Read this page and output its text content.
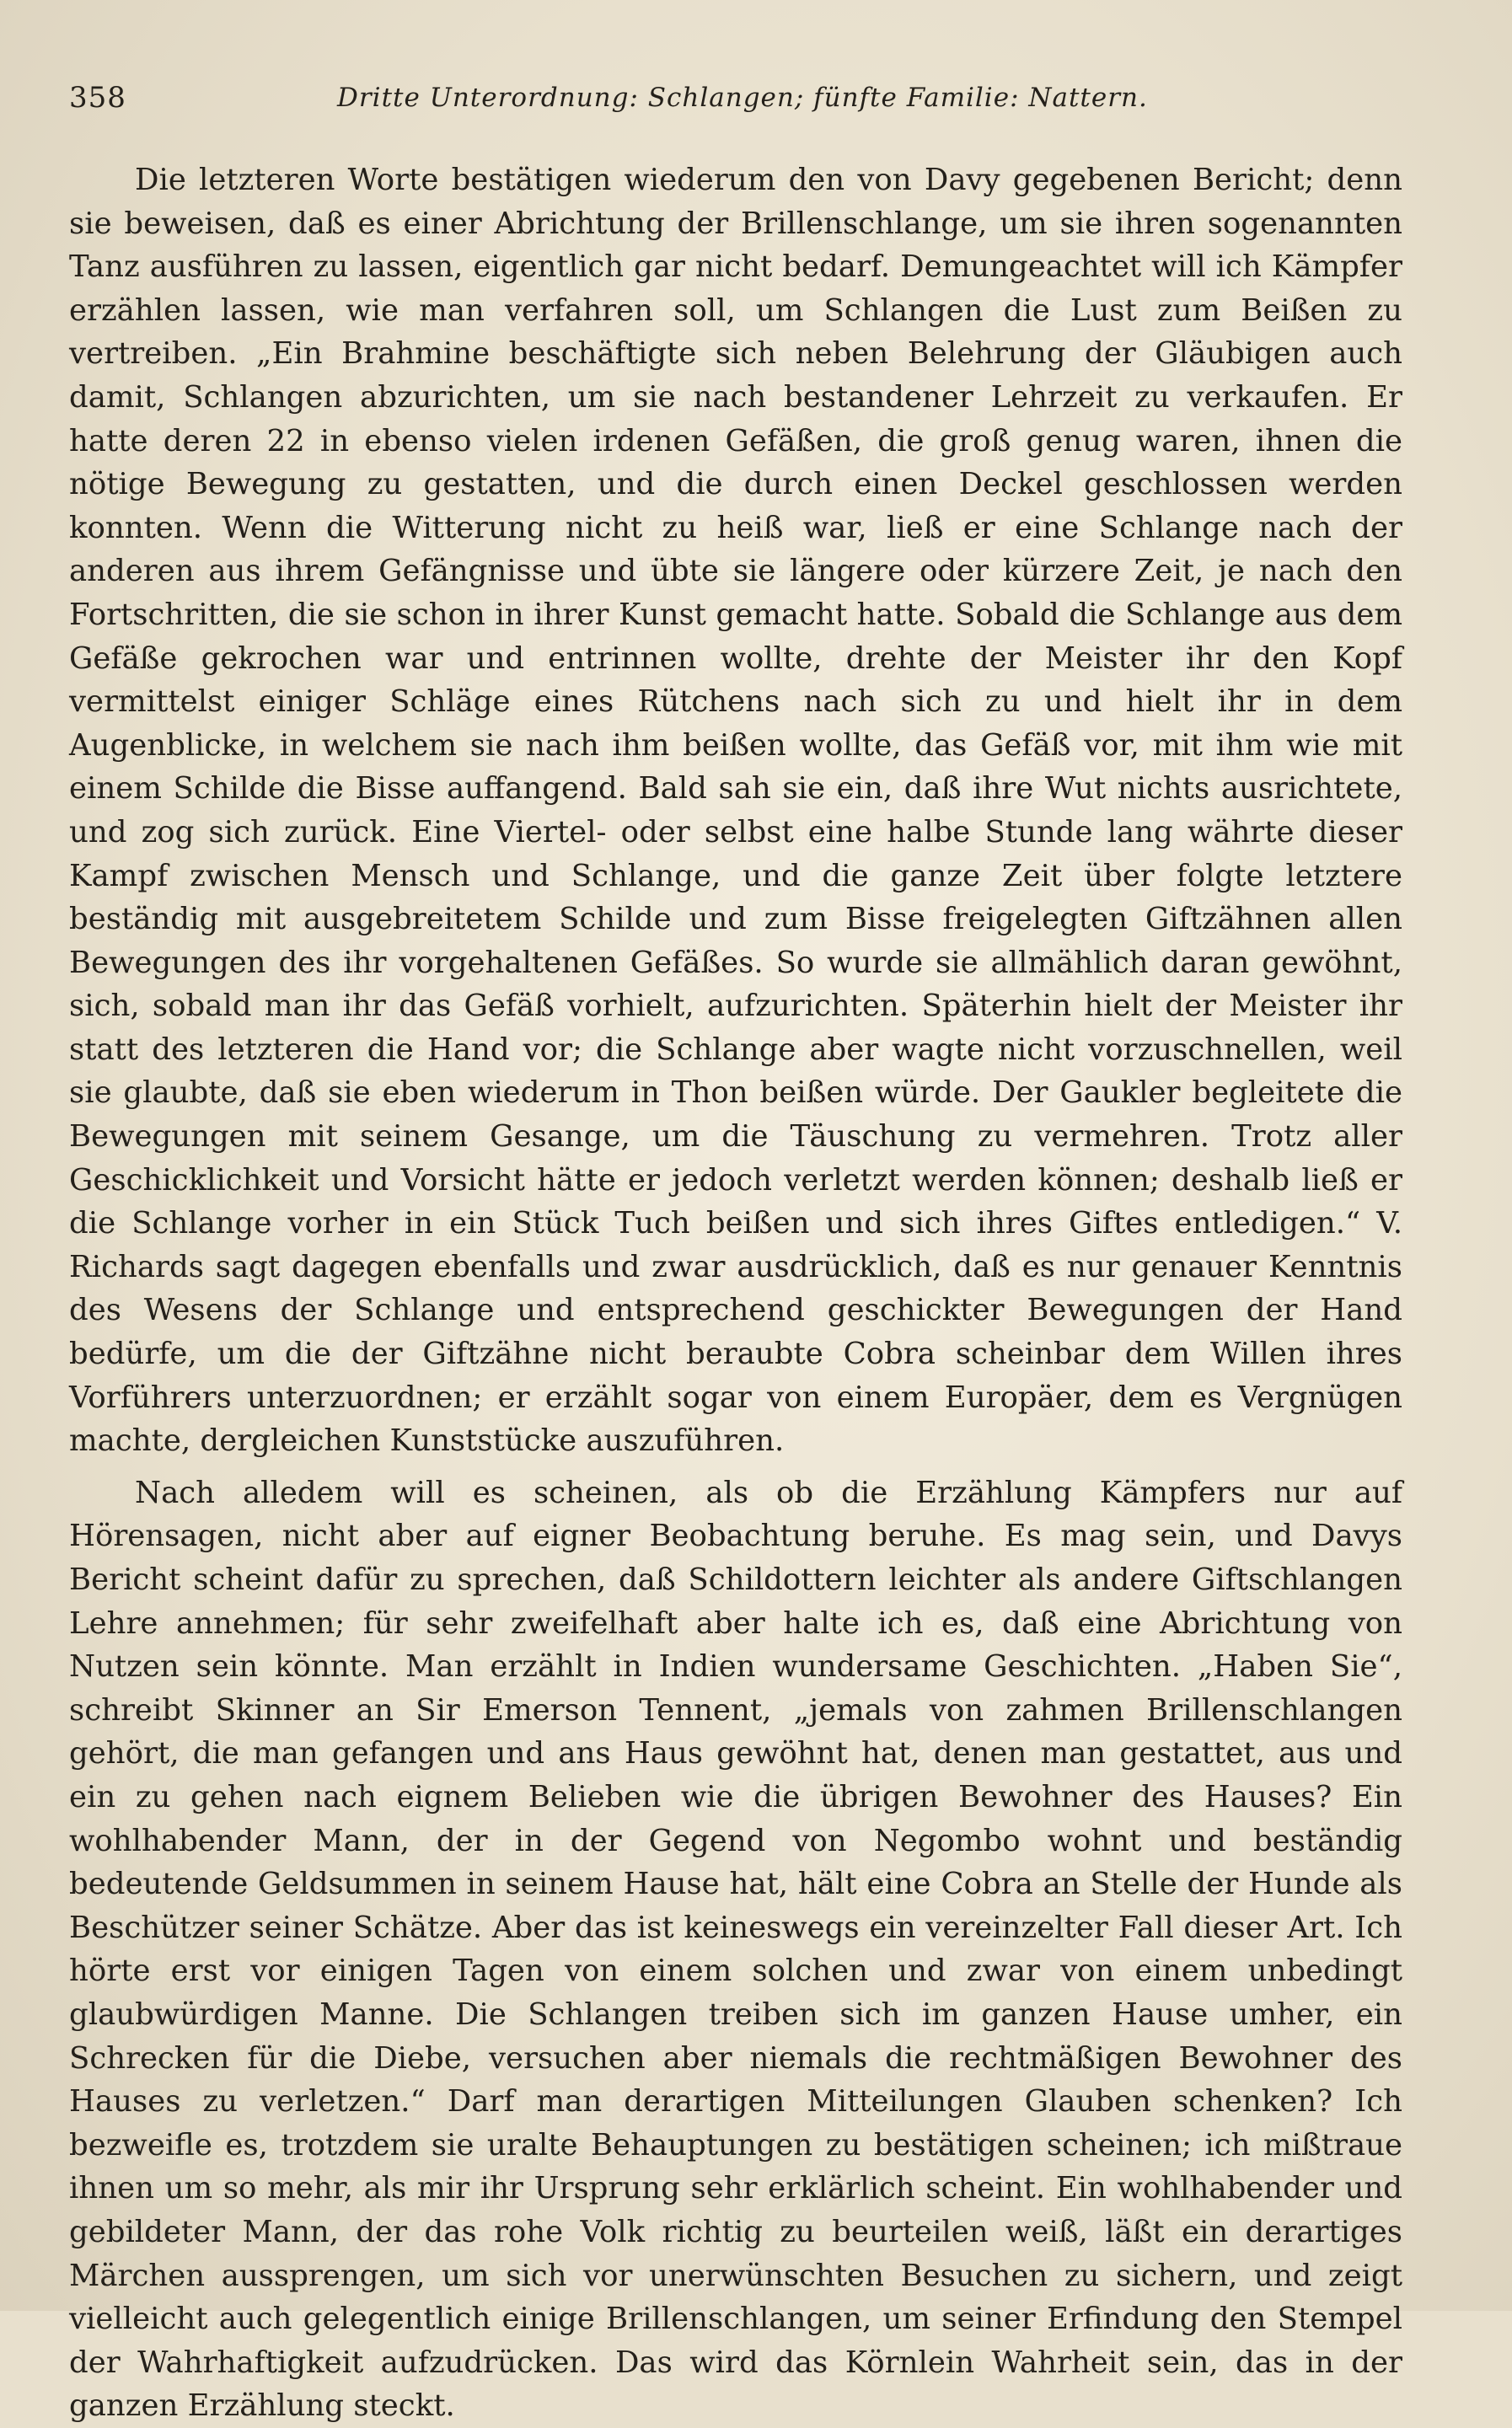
358	Dritte Unterordnung: Schlangen; fünfte Familie: Nattern.

Die letzteren Worte bestätigen wiederum den von Davy gegebenen Bericht; denn sie beweisen, daß es einer Abrichtung der Brillenschlange, um sie ihren sogenannten Tanz ausführen zu lassen, eigentlich gar nicht bedarf. Demungeachtet will ich Kämpfer erzählen lassen, wie man verfahren soll, um Schlangen die Lust zum Beißen zu vertreiben. „Ein Brahmine beschäftigte sich neben Belehrung der Gläubigen auch damit, Schlangen abzurichten, um sie nach bestandener Lehrzeit zu verkaufen. Er hatte deren 22 in ebenso vielen irdenen Gefäßen, die groß genug waren, ihnen die nötige Bewegung zu gestatten, und die durch einen Deckel geschlossen werden konnten. Wenn die Witterung nicht zu heiß war, ließ er eine Schlange nach der anderen aus ihrem Gefängnisse und übte sie längere oder kürzere Zeit, je nach den Fortschritten, die sie schon in ihrer Kunst gemacht hatte. Sobald die Schlange aus dem Gefäße gekrochen war und entrinnen wollte, drehte der Meister ihr den Kopf vermittelst einiger Schläge eines Rütchens nach sich zu und hielt ihr in dem Augenblicke, in welchem sie nach ihm beißen wollte, das Gefäß vor, mit ihm wie mit einem Schilde die Bisse auffangend. Bald sah sie ein, daß ihre Wut nichts ausrichtete, und zog sich zurück. Eine Viertel- oder selbst eine halbe Stunde lang währte dieser Kampf zwischen Mensch und Schlange, und die ganze Zeit über folgte letztere beständig mit ausgebreitetem Schilde und zum Bisse freigelegten Giftzähnen allen Bewegungen des ihr vorgehaltenen Gefäßes. So wurde sie allmählich daran gewöhnt, sich, sobald man ihr das Gefäß vorhielt, aufzurichten. Späterhin hielt der Meister ihr statt des letzteren die Hand vor; die Schlange aber wagte nicht vorzuschnellen, weil sie glaubte, daß sie eben wiederum in Thon beißen würde. Der Gaukler begleitete die Bewegungen mit seinem Gesange, um die Täuschung zu vermehren. Trotz aller Geschicklichkeit und Vorsicht hätte er jedoch verletzt werden können; deshalb ließ er die Schlange vorher in ein Stück Tuch beißen und sich ihres Giftes entledigen.“ V. Richards sagt dagegen ebenfalls und zwar ausdrücklich, daß es nur genauer Kenntnis des Wesens der Schlange und entsprechend geschickter Bewegungen der Hand bedürfe, um die der Giftzähne nicht beraubte Cobra scheinbar dem Willen ihres Vorführers unterzuordnen; er erzählt sogar von einem Europäer, dem es Vergnügen machte, dergleichen Kunststücke auszuführen.

Nach alledem will es scheinen, als ob die Erzählung Kämpfers nur auf Hörensagen, nicht aber auf eigner Beobachtung beruhe. Es mag sein, und Davys Bericht scheint dafür zu sprechen, daß Schildottern leichter als andere Giftschlangen Lehre annehmen; für sehr zweifelhaft aber halte ich es, daß eine Abrichtung von Nutzen sein könnte. Man erzählt in Indien wundersame Geschichten. „Haben Sie“, schreibt Skinner an Sir Emerson Tennent, „jemals von zahmen Brillenschlangen gehört, die man gefangen und ans Haus gewöhnt hat, denen man gestattet, aus und ein zu gehen nach eignem Belieben wie die übrigen Bewohner des Hauses? Ein wohlhabender Mann, der in der Gegend von Negombo wohnt und beständig bedeutende Geldsummen in seinem Hause hat, hält eine Cobra an Stelle der Hunde als Beschützer seiner Schätze. Aber das ist keineswegs ein vereinzelter Fall dieser Art. Ich hörte erst vor einigen Tagen von einem solchen und zwar von einem unbedingt glaubwürdigen Manne. Die Schlangen treiben sich im ganzen Hause umher, ein Schrecken für die Diebe, versuchen aber niemals die rechtmäßigen Bewohner des Hauses zu verletzen.“ Darf man derartigen Mitteilungen Glauben schenken? Ich bezweifle es, trotzdem sie uralte Behauptungen zu bestätigen scheinen; ich mißtraue ihnen um so mehr, als mir ihr Ursprung sehr erklärlich scheint. Ein wohlhabender und gebildeter Mann, der das rohe Volk richtig zu beurteilen weiß, läßt ein derartiges Märchen aussprengen, um sich vor unerwünschten Besuchen zu sichern, und zeigt vielleicht auch gelegentlich einige Brillenschlangen, um seiner Erfindung den Stempel der Wahrhaftigkeit aufzudrücken. Das wird das Körnlein Wahrheit sein, das in der ganzen Erzählung steckt.
